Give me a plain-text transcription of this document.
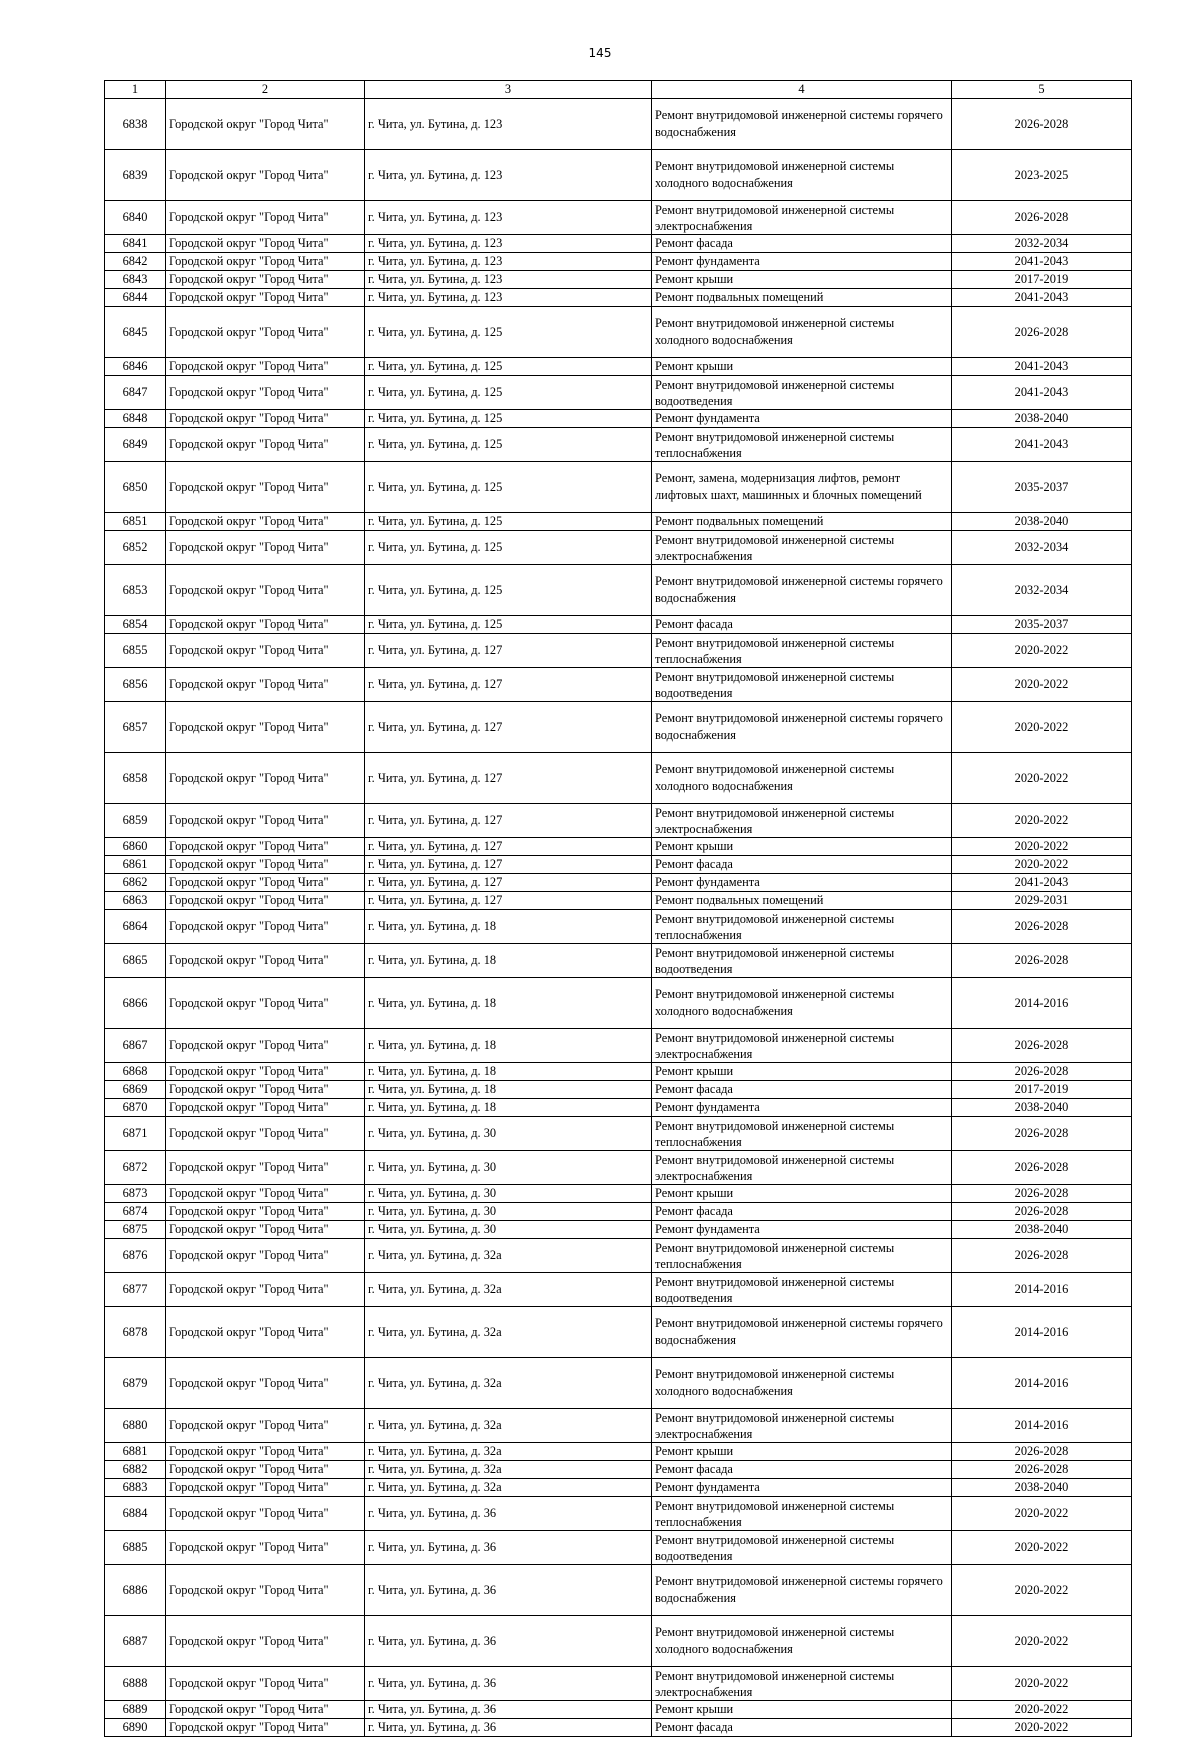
145
1	2	3	4	5
6838	Городской округ "Город Чита"	г. Чита, ул. Бутина, д. 123	Ремонт внутридомовой инженерной системы горячего водоснабжения	2026-2028
6839	Городской округ "Город Чита"	г. Чита, ул. Бутина, д. 123	Ремонт внутридомовой инженерной системы холодного водоснабжения	2023-2025
6840	Городской округ "Город Чита"	г. Чита, ул. Бутина, д. 123	Ремонт внутридомовой инженерной системы электроснабжения	2026-2028
6841	Городской округ "Город Чита"	г. Чита, ул. Бутина, д. 123	Ремонт фасада	2032-2034
6842	Городской округ "Город Чита"	г. Чита, ул. Бутина, д. 123	Ремонт фундамента	2041-2043
6843	Городской округ "Город Чита"	г. Чита, ул. Бутина, д. 123	Ремонт крыши	2017-2019
6844	Городской округ "Город Чита"	г. Чита, ул. Бутина, д. 123	Ремонт подвальных помещений	2041-2043
6845	Городской округ "Город Чита"	г. Чита, ул. Бутина, д. 125	Ремонт внутридомовой инженерной системы холодного водоснабжения	2026-2028
6846	Городской округ "Город Чита"	г. Чита, ул. Бутина, д. 125	Ремонт крыши	2041-2043
6847	Городской округ "Город Чита"	г. Чита, ул. Бутина, д. 125	Ремонт внутридомовой инженерной системы водоотведения	2041-2043
6848	Городской округ "Город Чита"	г. Чита, ул. Бутина, д. 125	Ремонт фундамента	2038-2040
6849	Городской округ "Город Чита"	г. Чита, ул. Бутина, д. 125	Ремонт внутридомовой инженерной системы теплоснабжения	2041-2043
6850	Городской округ "Город Чита"	г. Чита, ул. Бутина, д. 125	Ремонт, замена, модернизация лифтов, ремонт лифтовых шахт, машинных и блочных помещений	2035-2037
6851	Городской округ "Город Чита"	г. Чита, ул. Бутина, д. 125	Ремонт подвальных помещений	2038-2040
6852	Городской округ "Город Чита"	г. Чита, ул. Бутина, д. 125	Ремонт внутридомовой инженерной системы электроснабжения	2032-2034
6853	Городской округ "Город Чита"	г. Чита, ул. Бутина, д. 125	Ремонт внутридомовой инженерной системы горячего водоснабжения	2032-2034
6854	Городской округ "Город Чита"	г. Чита, ул. Бутина, д. 125	Ремонт фасада	2035-2037
6855	Городской округ "Город Чита"	г. Чита, ул. Бутина, д. 127	Ремонт внутридомовой инженерной системы теплоснабжения	2020-2022
6856	Городской округ "Город Чита"	г. Чита, ул. Бутина, д. 127	Ремонт внутридомовой инженерной системы водоотведения	2020-2022
6857	Городской округ "Город Чита"	г. Чита, ул. Бутина, д. 127	Ремонт внутридомовой инженерной системы горячего водоснабжения	2020-2022
6858	Городской округ "Город Чита"	г. Чита, ул. Бутина, д. 127	Ремонт внутридомовой инженерной системы холодного водоснабжения	2020-2022
6859	Городской округ "Город Чита"	г. Чита, ул. Бутина, д. 127	Ремонт внутридомовой инженерной системы электроснабжения	2020-2022
6860	Городской округ "Город Чита"	г. Чита, ул. Бутина, д. 127	Ремонт крыши	2020-2022
6861	Городской округ "Город Чита"	г. Чита, ул. Бутина, д. 127	Ремонт фасада	2020-2022
6862	Городской округ "Город Чита"	г. Чита, ул. Бутина, д. 127	Ремонт фундамента	2041-2043
6863	Городской округ "Город Чита"	г. Чита, ул. Бутина, д. 127	Ремонт подвальных помещений	2029-2031
6864	Городской округ "Город Чита"	г. Чита, ул. Бутина, д. 18	Ремонт внутридомовой инженерной системы теплоснабжения	2026-2028
6865	Городской округ "Город Чита"	г. Чита, ул. Бутина, д. 18	Ремонт внутридомовой инженерной системы водоотведения	2026-2028
6866	Городской округ "Город Чита"	г. Чита, ул. Бутина, д. 18	Ремонт внутридомовой инженерной системы холодного водоснабжения	2014-2016
6867	Городской округ "Город Чита"	г. Чита, ул. Бутина, д. 18	Ремонт внутридомовой инженерной системы электроснабжения	2026-2028
6868	Городской округ "Город Чита"	г. Чита, ул. Бутина, д. 18	Ремонт крыши	2026-2028
6869	Городской округ "Город Чита"	г. Чита, ул. Бутина, д. 18	Ремонт фасада	2017-2019
6870	Городской округ "Город Чита"	г. Чита, ул. Бутина, д. 18	Ремонт фундамента	2038-2040
6871	Городской округ "Город Чита"	г. Чита, ул. Бутина, д. 30	Ремонт внутридомовой инженерной системы теплоснабжения	2026-2028
6872	Городской округ "Город Чита"	г. Чита, ул. Бутина, д. 30	Ремонт внутридомовой инженерной системы электроснабжения	2026-2028
6873	Городской округ "Город Чита"	г. Чита, ул. Бутина, д. 30	Ремонт крыши	2026-2028
6874	Городской округ "Город Чита"	г. Чита, ул. Бутина, д. 30	Ремонт фасада	2026-2028
6875	Городской округ "Город Чита"	г. Чита, ул. Бутина, д. 30	Ремонт фундамента	2038-2040
6876	Городской округ "Город Чита"	г. Чита, ул. Бутина, д. 32а	Ремонт внутридомовой инженерной системы теплоснабжения	2026-2028
6877	Городской округ "Город Чита"	г. Чита, ул. Бутина, д. 32а	Ремонт внутридомовой инженерной системы водоотведения	2014-2016
6878	Городской округ "Город Чита"	г. Чита, ул. Бутина, д. 32а	Ремонт внутридомовой инженерной системы горячего водоснабжения	2014-2016
6879	Городской округ "Город Чита"	г. Чита, ул. Бутина, д. 32а	Ремонт внутридомовой инженерной системы холодного водоснабжения	2014-2016
6880	Городской округ "Город Чита"	г. Чита, ул. Бутина, д. 32а	Ремонт внутридомовой инженерной системы электроснабжения	2014-2016
6881	Городской округ "Город Чита"	г. Чита, ул. Бутина, д. 32а	Ремонт крыши	2026-2028
6882	Городской округ "Город Чита"	г. Чита, ул. Бутина, д. 32а	Ремонт фасада	2026-2028
6883	Городской округ "Город Чита"	г. Чита, ул. Бутина, д. 32а	Ремонт фундамента	2038-2040
6884	Городской округ "Город Чита"	г. Чита, ул. Бутина, д. 36	Ремонт внутридомовой инженерной системы теплоснабжения	2020-2022
6885	Городской округ "Город Чита"	г. Чита, ул. Бутина, д. 36	Ремонт внутридомовой инженерной системы водоотведения	2020-2022
6886	Городской округ "Город Чита"	г. Чита, ул. Бутина, д. 36	Ремонт внутридомовой инженерной системы горячего водоснабжения	2020-2022
6887	Городской округ "Город Чита"	г. Чита, ул. Бутина, д. 36	Ремонт внутридомовой инженерной системы холодного водоснабжения	2020-2022
6888	Городской округ "Город Чита"	г. Чита, ул. Бутина, д. 36	Ремонт внутридомовой инженерной системы электроснабжения	2020-2022
6889	Городской округ "Город Чита"	г. Чита, ул. Бутина, д. 36	Ремонт крыши	2020-2022
6890	Городской округ "Город Чита"	г. Чита, ул. Бутина, д. 36	Ремонт фасада	2020-2022
